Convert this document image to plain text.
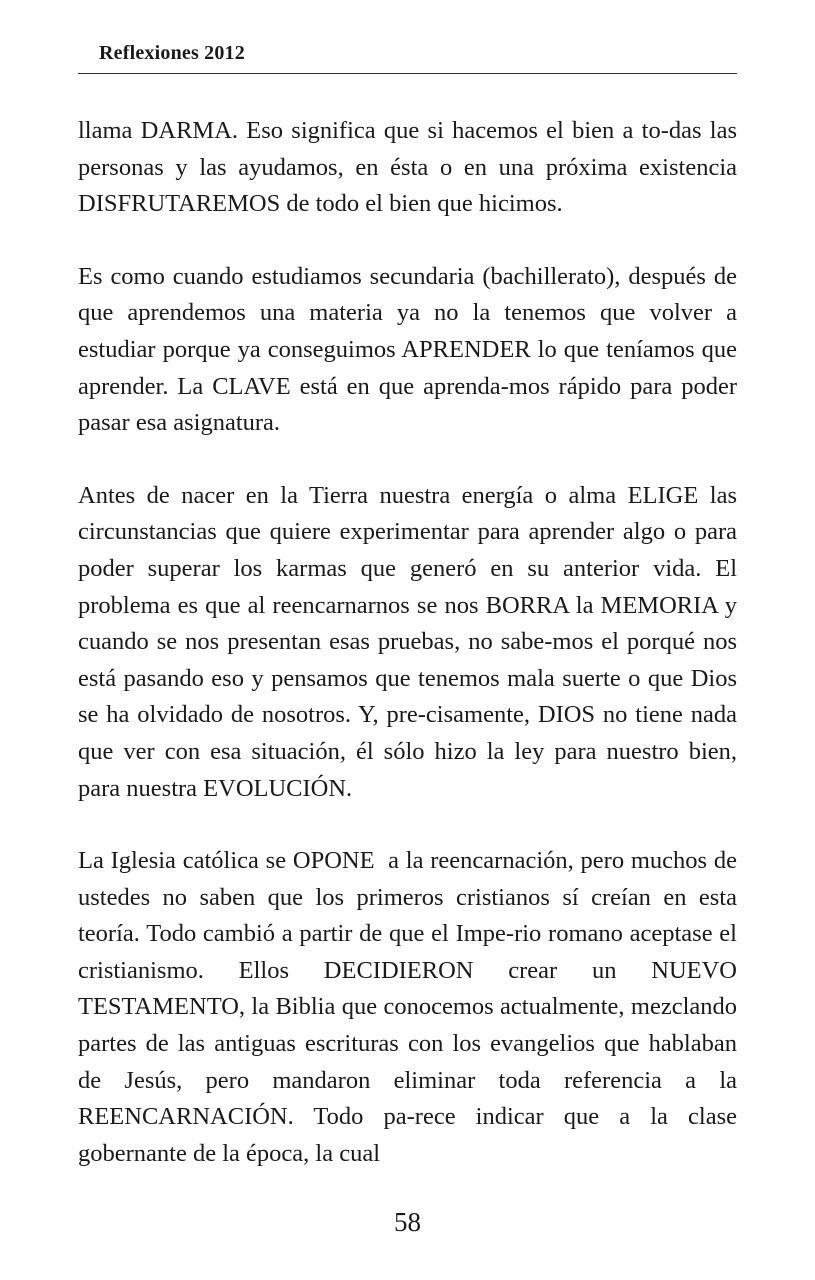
Reflexiones 2012

llama DARMA. Eso significa que si hacemos el bien a to-das las personas y las ayudamos, en ésta o en una próxima existencia DISFRUTAREMOS de todo el bien que hicimos.

Es como cuando estudiamos secundaria (bachillerato), después de que aprendemos una materia ya no la tenemos que volver a estudiar porque ya conseguimos APRENDER lo que teníamos que aprender. La CLAVE está en que aprenda-mos rápido para poder pasar esa asignatura.

Antes de nacer en la Tierra nuestra energía o alma ELIGE las circunstancias que quiere experimentar para aprender algo o para poder superar los karmas que generó en su anterior vida. El problema es que al reencarnarnos se nos BORRA la MEMORIA y cuando se nos presentan esas pruebas, no sabe-mos el porqué nos está pasando eso y pensamos que tenemos mala suerte o que Dios se ha olvidado de nosotros. Y, pre-cisamente, DIOS no tiene nada que ver con esa situación, él sólo hizo la ley para nuestro bien, para nuestra EVOLUCIÓN.

La Iglesia católica se OPONE  a la reencarnación, pero muchos de ustedes no saben que los primeros cristianos sí creían en esta teoría. Todo cambió a partir de que el Impe-rio romano aceptase el cristianismo. Ellos DECIDIERON crear un NUEVO TESTAMENTO, la Biblia que conocemos actualmente, mezclando partes de las antiguas escrituras con los evangelios que hablaban de Jesús, pero mandaron eliminar toda referencia a la REENCARNACIÓN. Todo pa-rece indicar que a la clase gobernante de la época, la cual

58
